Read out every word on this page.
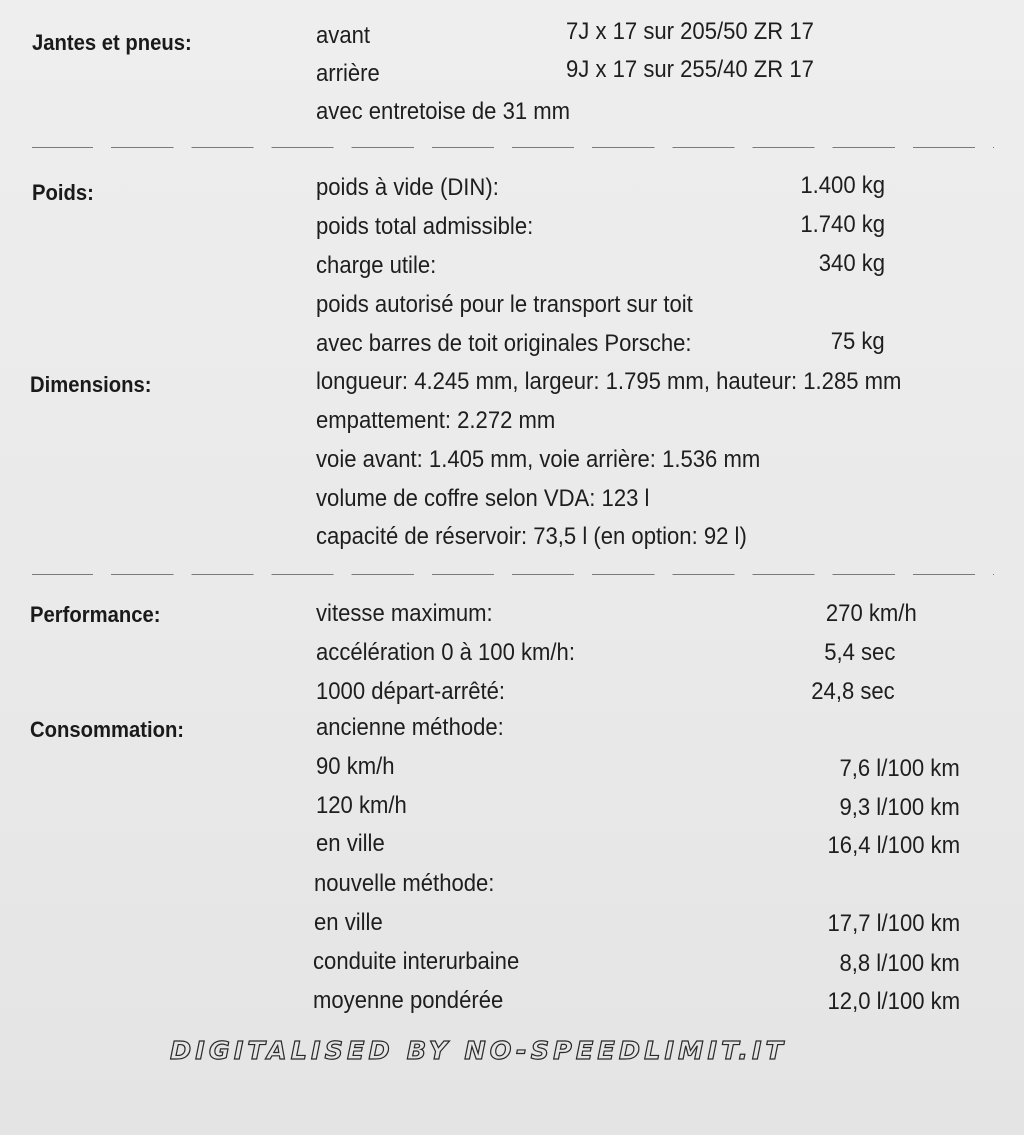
Jantes et pneus:	avant	7J x 17 sur 205/50 ZR 17
arrière	9J x 17 sur 255/40 ZR 17
avec entretoise de 31 mm
Poids:	poids à vide (DIN):	1.400 kg
poids total admissible:	1.740 kg
charge utile:	340 kg
poids autorisé pour le transport sur toit
avec barres de toit originales Porsche:	75 kg
Dimensions:	longueur: 4.245 mm, largeur: 1.795 mm, hauteur: 1.285 mm
empattement: 2.272 mm
voie avant: 1.405 mm, voie arrière: 1.536 mm
volume de coffre selon VDA: 123 l
capacité de réservoir: 73,5 l (en option: 92 l)
Performance:	vitesse maximum:	270 km/h
accélération 0 à 100 km/h:	5,4 sec
1000 départ-arrêté:	24,8 sec
Consommation:	ancienne méthode:
90 km/h	7,6 l/100 km
120 km/h	9,3 l/100 km
en ville	16,4 l/100 km
nouvelle méthode:
en ville	17,7 l/100 km
conduite interurbaine	8,8 l/100 km
moyenne pondérée	12,0 l/100 km
DIGITALISED BY NO-SPEEDLIMIT.IT
